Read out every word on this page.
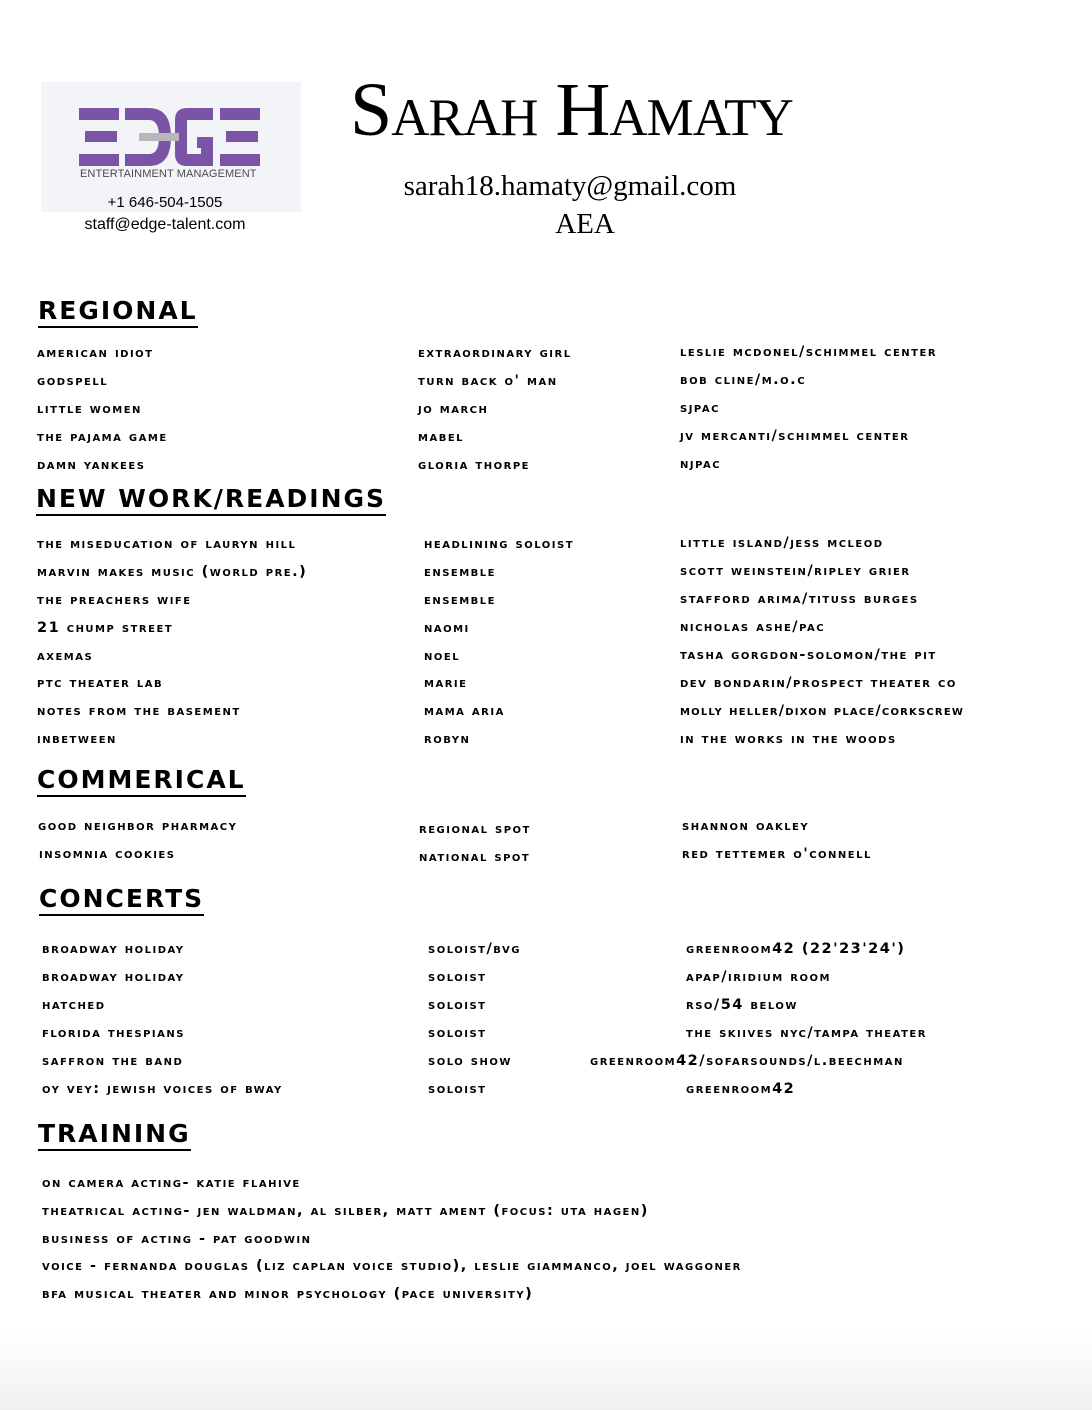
ENTERTAINMENT MANAGEMENT
+1 646-504-1505
staff@edge-talent.com
Sarah Hamaty
sarah18.hamaty@gmail.com
AEA
REGIONAL
american idiot	extraordinary girl	leslie mcdonel/schimmel center
godspell	turn back o' man	bob cline/m.o.c
little women	jo march	sjpac
the pajama game	mabel	jv mercanti/schimmel center
damn yankees	gloria thorpe	njpac
NEW WORK/READINGS
the miseducation of lauryn hill	headlining soloist	little island/jess mcleod
marvin makes music (world pre.)	ensemble	scott weinstein/ripley grier
the preachers wife	ensemble	stafford arima/tituss burges
21 chump street	naomi	nicholas ashe/pac
axemas	noel	tasha gorgdon-solomon/the pit
ptc theater lab	marie	dev bondarin/prospect theater co
notes from the basement	mama aria	molly heller/dixon place/corkscrew
inbetween	robyn	in the works in the woods
COMMERICAL
good neighbor pharmacy	regional spot	shannon oakley
insomnia cookies	national spot	red tettemer o'connell
CONCERTS
broadway holiday	soloist/bvg	greenroom42 (22'23'24')
broadway holiday	soloist	apap/iridium room
hatched	soloist	rso/54 below
florida thespians	soloist	the skiives nyc/tampa theater
saffron the band	solo show	greenroom42/sofarsounds/l.beechman
oy vey: jewish voices of bway	soloist	greenroom42
TRAINING
on camera acting- katie flahive
theatrical acting- jen waldman, al silber, matt ament (focus: uta hagen)
business of acting - pat goodwin
voice - fernanda douglas (liz caplan voice studio), leslie giammanco, joel waggoner
bfa musical theater and minor psychology (pace university)
